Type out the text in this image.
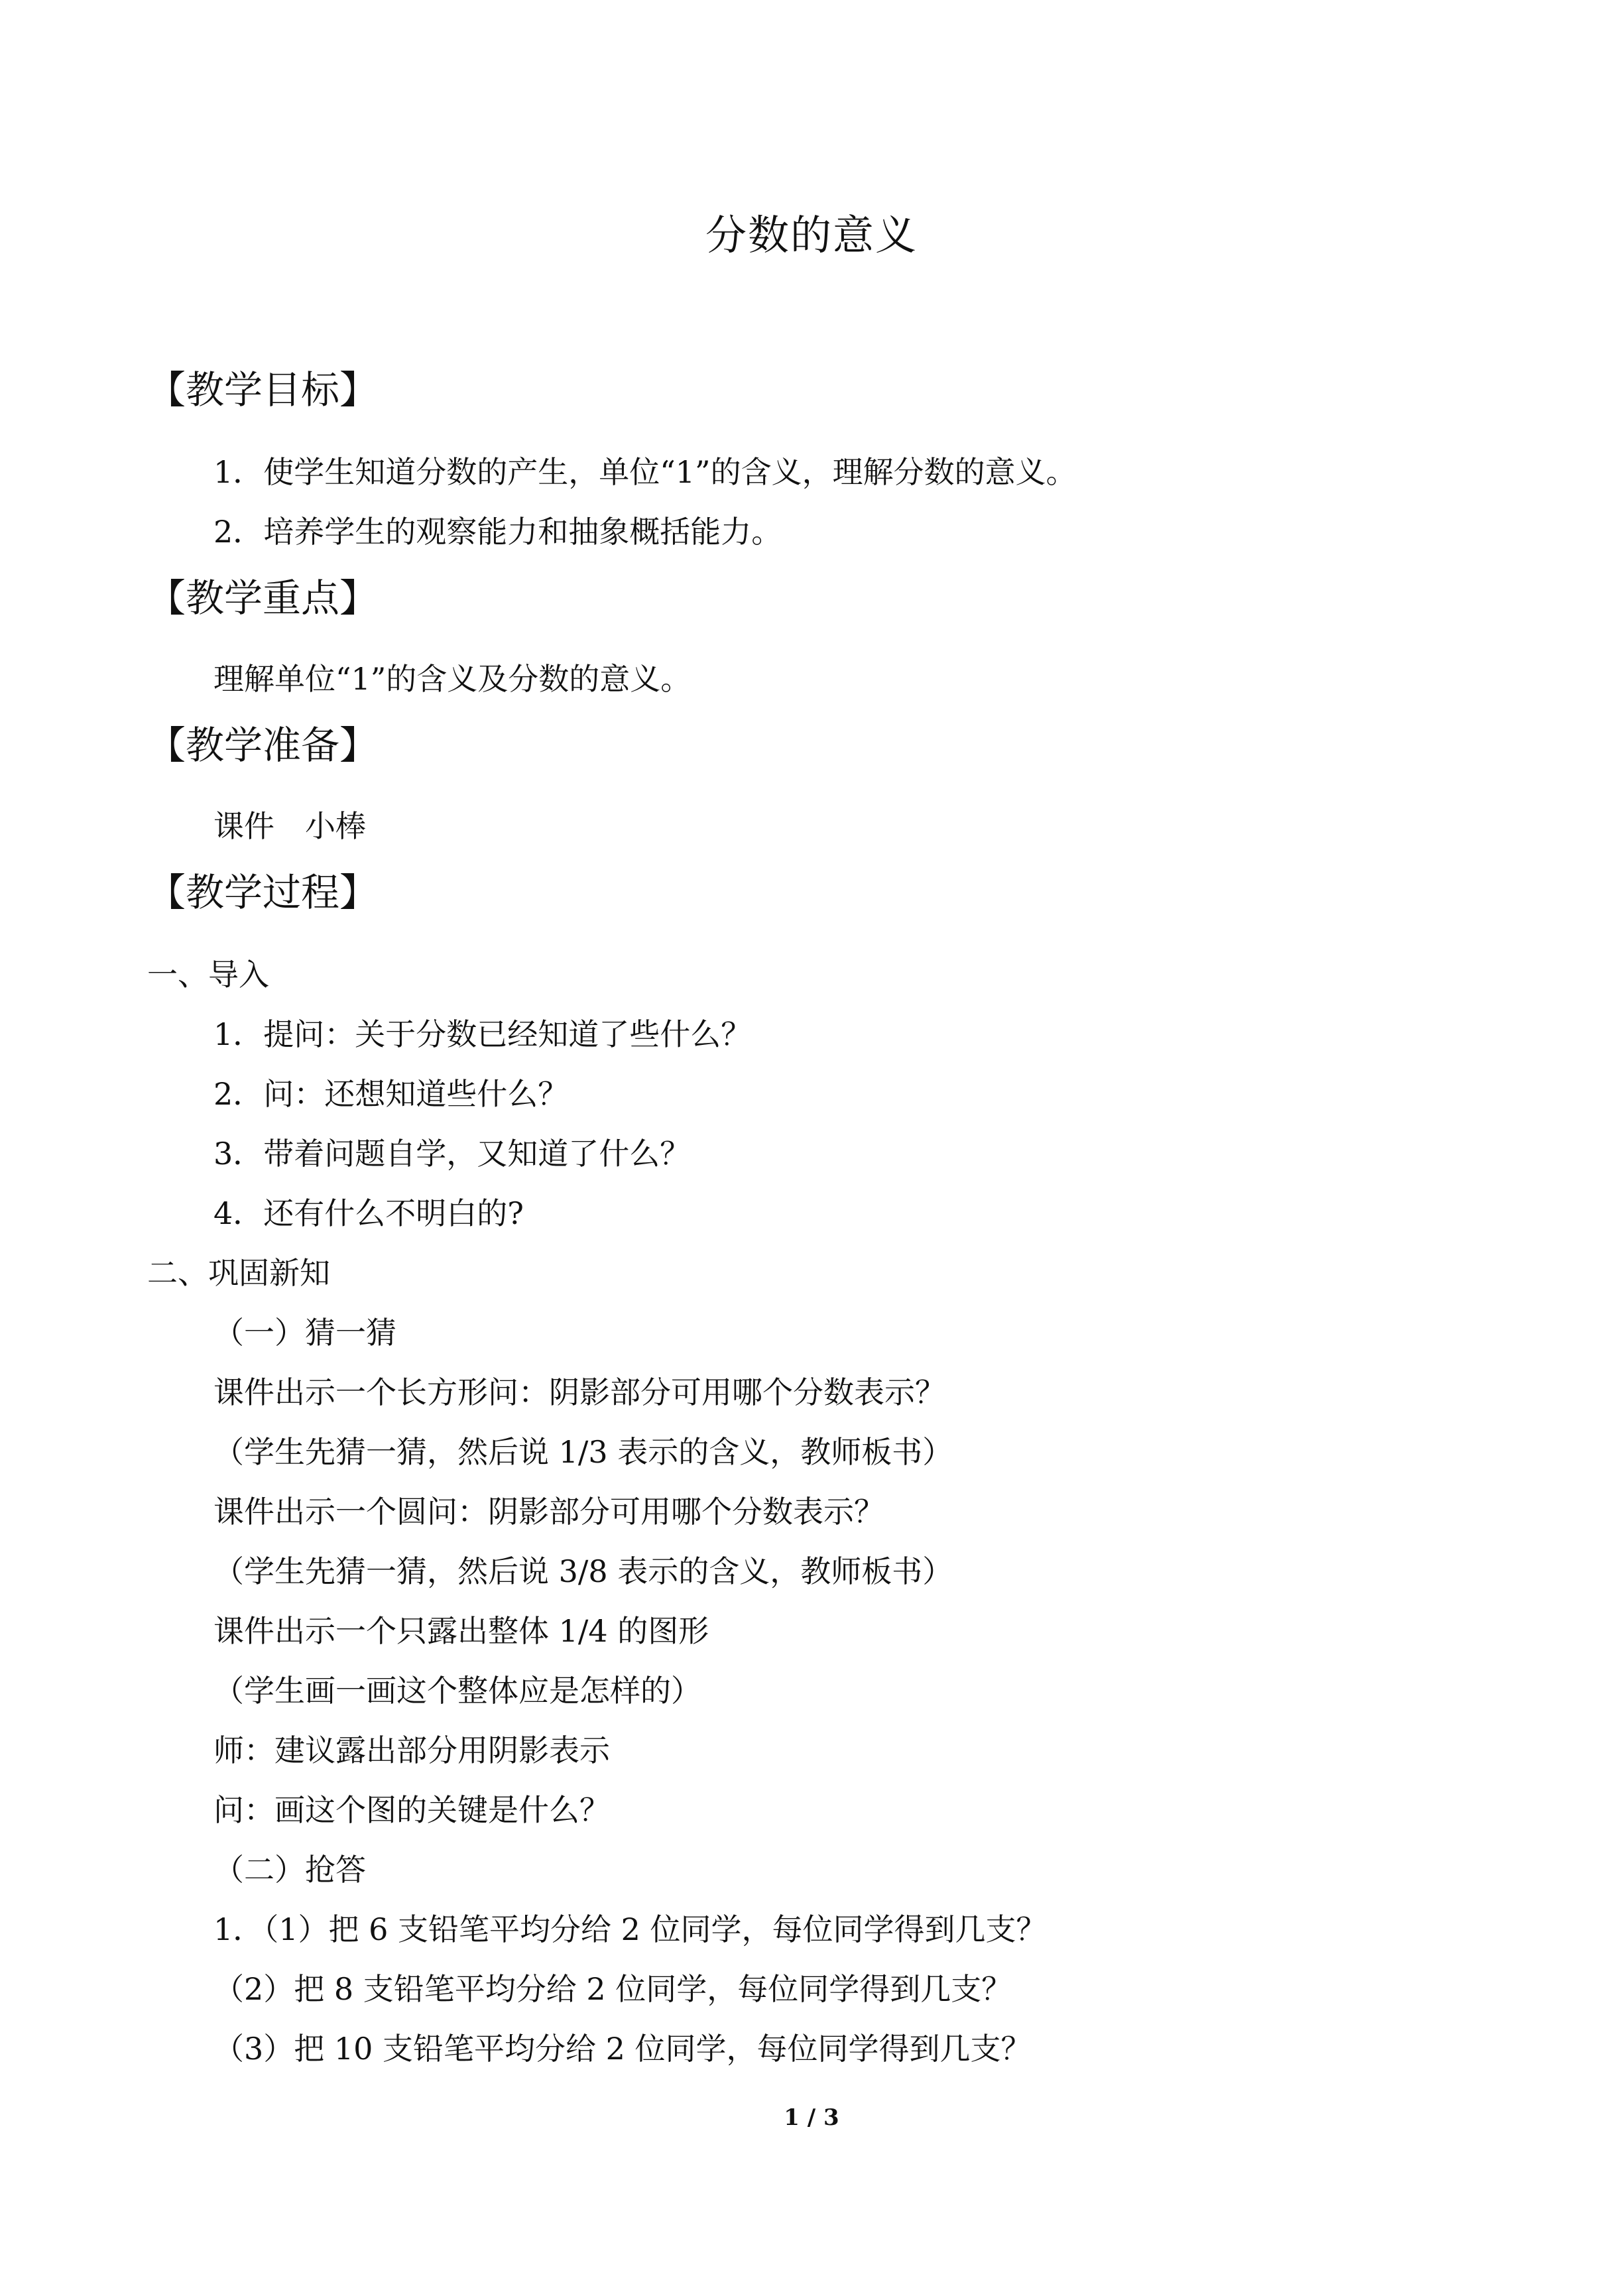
分数的意义
【教学目标】
1．使学生知道分数的产生，单位“1”的含义，理解分数的意义。
2．培养学生的观察能力和抽象概括能力。
【教学重点】
理解单位“1”的含义及分数的意义。
【教学准备】
课件　小棒
【教学过程】
一、导入
1．提问：关于分数已经知道了些什么？
2．问：还想知道些什么？
3．带着问题自学，又知道了什么？
4．还有什么不明白的?
二、巩固新知
（一）猜一猜
课件出示一个长方形问：阴影部分可用哪个分数表示？
（学生先猜一猜，然后说 1/3 表示的含义，教师板书）
课件出示一个圆问：阴影部分可用哪个分数表示？
（学生先猜一猜，然后说 3/8 表示的含义，教师板书）
课件出示一个只露出整体 1/4 的图形
（学生画一画这个整体应是怎样的）
师：建议露出部分用阴影表示
问：画这个图的关键是什么？
（二）抢答
1．（1）把 6 支铅笔平均分给 2 位同学，每位同学得到几支？
（2）把 8 支铅笔平均分给 2 位同学，每位同学得到几支？
（3）把 10 支铅笔平均分给 2 位同学，每位同学得到几支？
1 / 3
